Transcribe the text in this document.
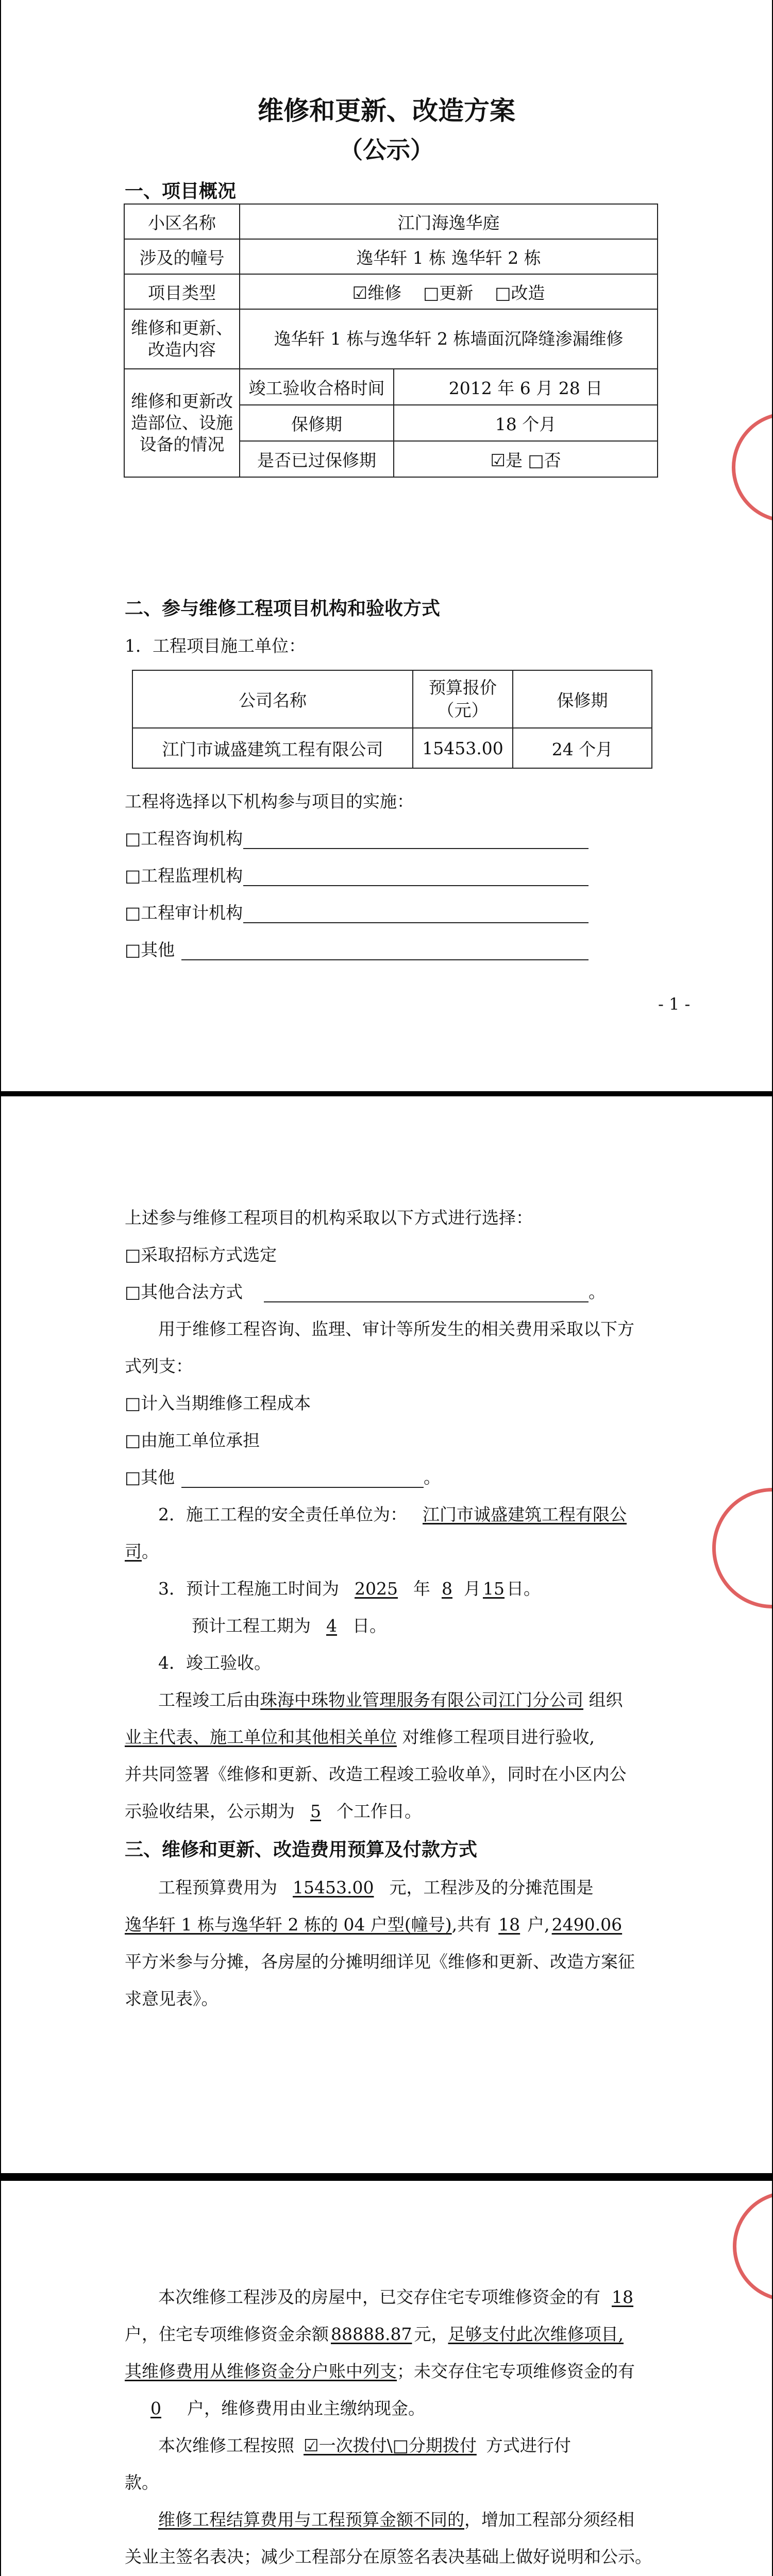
维修和更新、改造方案
（公示）
一、项目概况
小区名称	江门海逸华庭	
涉及的幢号	逸华轩 1 栋 逸华轩 2 栋	
项目类型	☑维修 □更新 □改造	
维修和更新、改造内容	逸华轩 1 栋与逸华轩 2 栋墙面沉降缝渗漏维修	
维修和更新改造部位、设施设备的情况	竣工验收合格时间	2012 年 6 月 28 日
	保修期	18 个月
	是否已过保修期	☑是 □否
二、参与维修工程项目机构和验收方式
1．工程项目施工单位：
公司名称	预算报价（元）	保修期
江门市诚盛建筑工程有限公司	15453.00	24 个月
工程将选择以下机构参与项目的实施：
□工程咨询机构
□工程监理机构
□工程审计机构
□其他
- 1 -
上述参与维修工程项目的机构采取以下方式进行选择：
□采取招标方式选定
□其他合法方式	。
用于维修工程咨询、监理、审计等所发生的相关费用采取以下方
式列支：
□计入当期维修工程成本
□由施工单位承担
□其他	。
2．施工工程的安全责任单位为： 江门市诚盛建筑工程有限公
司。
3．预计工程施工时间为 2025 年 8 月 15 日。
预计工程工期为 4 日。
4．竣工验收。
工程竣工后由珠海中珠物业管理服务有限公司江门分公司 组织
业主代表、施工单位和其他相关单位 对维修工程项目进行验收,
并共同签署《维修和更新、改造工程竣工验收单》，同时在小区内公
示验收结果，公示期为 5 个工作日。
三、维修和更新、改造费用预算及付款方式
工程预算费用为 15453.00 元，工程涉及的分摊范围是
逸华轩 1 栋与逸华轩 2 栋的 04 户型(幢号),共有 18 户, 2490.06
平方米参与分摊，各房屋的分摊明细详见《维修和更新、改造方案征
求意见表》。
本次维修工程涉及的房屋中，已交存住宅专项维修资金的有 18
户，住宅专项维修资金余额 88888.87 元，足够支付此次维修项目,
其维修费用从维修资金分户账中列支；未交存住宅专项维修资金的有
0 户，维修费用由业主缴纳现金。
本次维修工程按照 ☑一次拨付\□分期拨付 方式进行付
款。
维修工程结算费用与工程预算金额不同的，增加工程部分须经相
关业主签名表决；减少工程部分在原签名表决基础上做好说明和公示。
